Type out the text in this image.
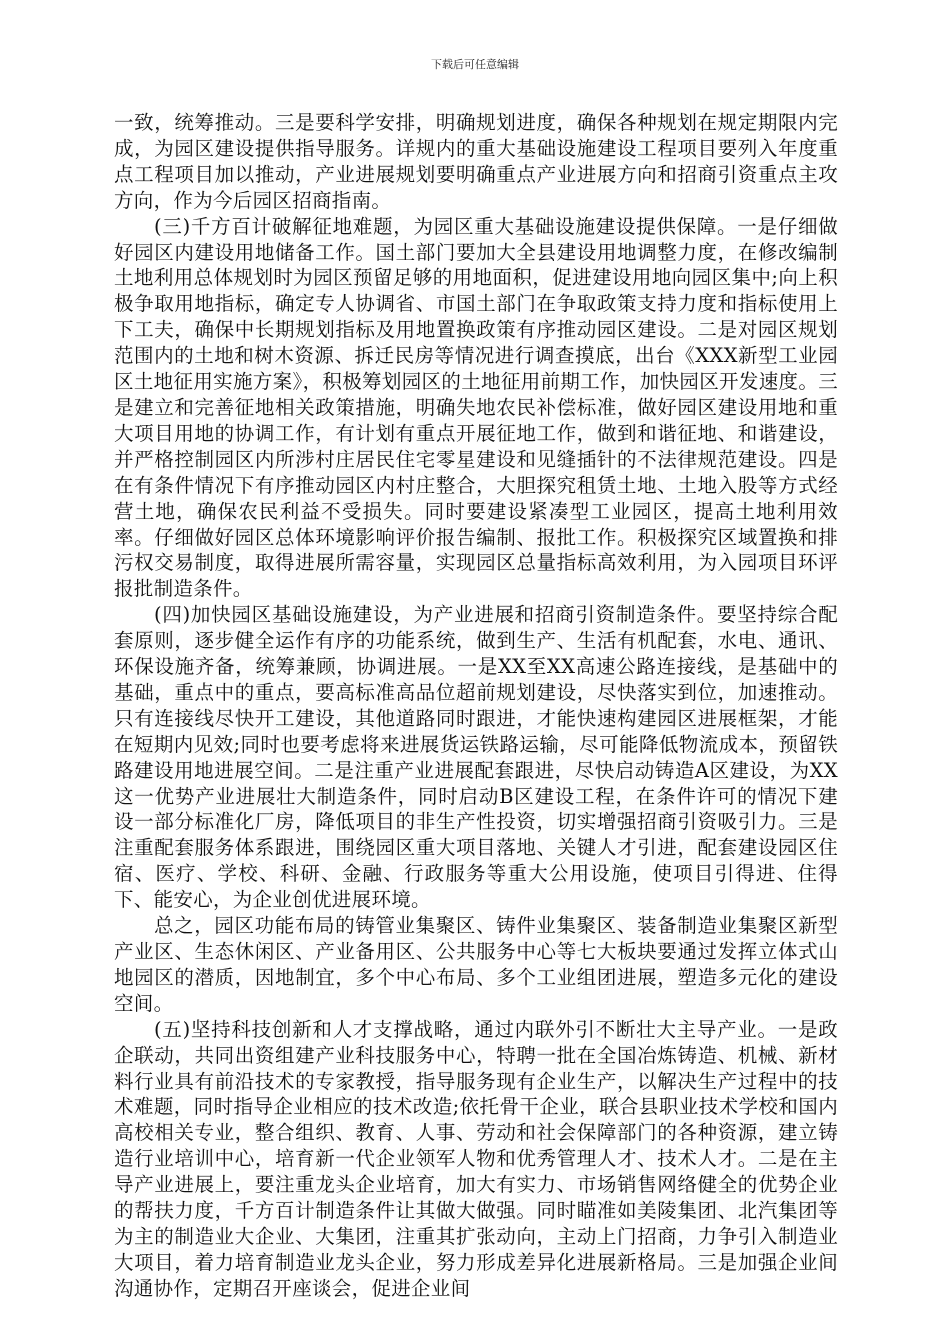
下载后可任意编辑

一致，统筹推动。三是要科学安排，明确规划进度，确保各种规划在规定期限内完成，为园区建设提供指导服务。详规内的重大基础设施建设工程项目要列入年度重点工程项目加以推动，产业进展规划要明确重点产业进展方向和招商引资重点主攻方向，作为今后园区招商指南。

(三)千方百计破解征地难题，为园区重大基础设施建设提供保障。一是仔细做好园区内建设用地储备工作。国土部门要加大全县建设用地调整力度，在修改编制土地利用总体规划时为园区预留足够的用地面积，促进建设用地向园区集中;向上积极争取用地指标，确定专人协调省、市国土部门在争取政策支持力度和指标使用上下工夫，确保中长期规划指标及用地置换政策有序推动园区建设。二是对园区规划范围内的土地和树木资源、拆迁民房等情况进行调查摸底，出台《XXX新型工业园区土地征用实施方案》，积极筹划园区的土地征用前期工作，加快园区开发速度。三是建立和完善征地相关政策措施，明确失地农民补偿标准，做好园区建设用地和重大项目用地的协调工作，有计划有重点开展征地工作，做到和谐征地、和谐建设，并严格控制园区内所涉村庄居民住宅零星建设和见缝插针的不法律规范建设。四是在有条件情况下有序推动园区内村庄整合，大胆探究租赁土地、土地入股等方式经营土地，确保农民利益不受损失。同时要建设紧凑型工业园区，提高土地利用效率。仔细做好园区总体环境影响评价报告编制、报批工作。积极探究区域置换和排污权交易制度，取得进展所需容量，实现园区总量指标高效利用，为入园项目环评报批制造条件。

(四)加快园区基础设施建设，为产业进展和招商引资制造条件。要坚持综合配套原则，逐步健全运作有序的功能系统，做到生产、生活有机配套，水电、通讯、环保设施齐备，统筹兼顾，协调进展。一是XX至XX高速公路连接线，是基础中的基础，重点中的重点，要高标准高品位超前规划建设，尽快落实到位，加速推动。只有连接线尽快开工建设，其他道路同时跟进，才能快速构建园区进展框架，才能在短期内见效;同时也要考虑将来进展货运铁路运输，尽可能降低物流成本，预留铁路建设用地进展空间。二是注重产业进展配套跟进，尽快启动铸造A区建设，为XX这一优势产业进展壮大制造条件，同时启动B区建设工程，在条件许可的情况下建设一部分标准化厂房，降低项目的非生产性投资，切实增强招商引资吸引力。三是注重配套服务体系跟进，围绕园区重大项目落地、关键人才引进，配套建设园区住宿、医疗、学校、科研、金融、行政服务等重大公用设施，使项目引得进、住得下、能安心，为企业创优进展环境。

总之，园区功能布局的铸管业集聚区、铸件业集聚区、装备制造业集聚区新型产业区、生态休闲区、产业备用区、公共服务中心等七大板块要通过发挥立体式山地园区的潜质，因地制宜，多个中心布局、多个工业组团进展，塑造多元化的建设空间。

(五)坚持科技创新和人才支撑战略，通过内联外引不断壮大主导产业。一是政企联动，共同出资组建产业科技服务中心，特聘一批在全国冶炼铸造、机械、新材料行业具有前沿技术的专家教授，指导服务现有企业生产，以解决生产过程中的技术难题，同时指导企业相应的技术改造;依托骨干企业，联合县职业技术学校和国内高校相关专业，整合组织、教育、人事、劳动和社会保障部门的各种资源，建立铸造行业培训中心，培育新一代企业领军人物和优秀管理人才、技术人才。二是在主导产业进展上，要注重龙头企业培育，加大有实力、市场销售网络健全的优势企业的帮扶力度，千方百计制造条件让其做大做强。同时瞄准如美陵集团、北汽集团等为主的制造业大企业、大集团，注重其扩张动向，主动上门招商，力争引入制造业大项目，着力培育制造业龙头企业，努力形成差异化进展新格局。三是加强企业间沟通协作，定期召开座谈会，促进企业间
